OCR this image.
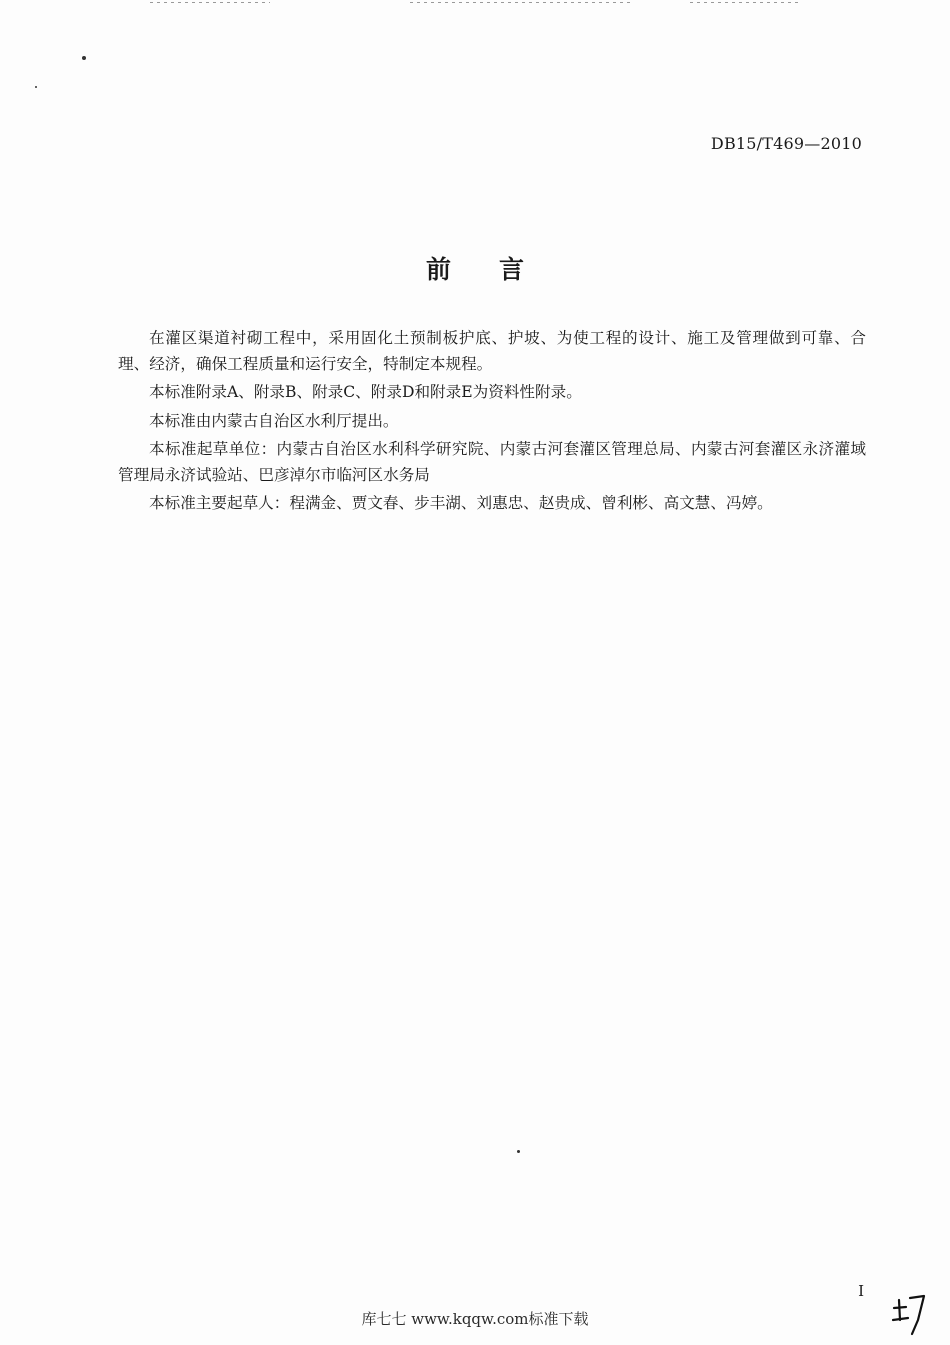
DB15/T469—2010
前 言

在灌区渠道衬砌工程中，采用固化土预制板护底、护坡、为使工程的设计、施工及管理做到可靠、合理、经济，确保工程质量和运行安全，特制定本规程。

本标准附录A、附录B、附录C、附录D和附录E为资料性附录。

本标准由内蒙古自治区水利厅提出。

本标准起草单位：内蒙古自治区水利科学研究院、内蒙古河套灌区管理总局、内蒙古河套灌区永济灌域管理局永济试验站、巴彦淖尔市临河区水务局

本标准主要起草人：程满金、贾文春、步丰湖、刘惠忠、赵贵成、曾利彬、高文慧、冯婷。

I
库七七 www.kqqw.com标准下载
